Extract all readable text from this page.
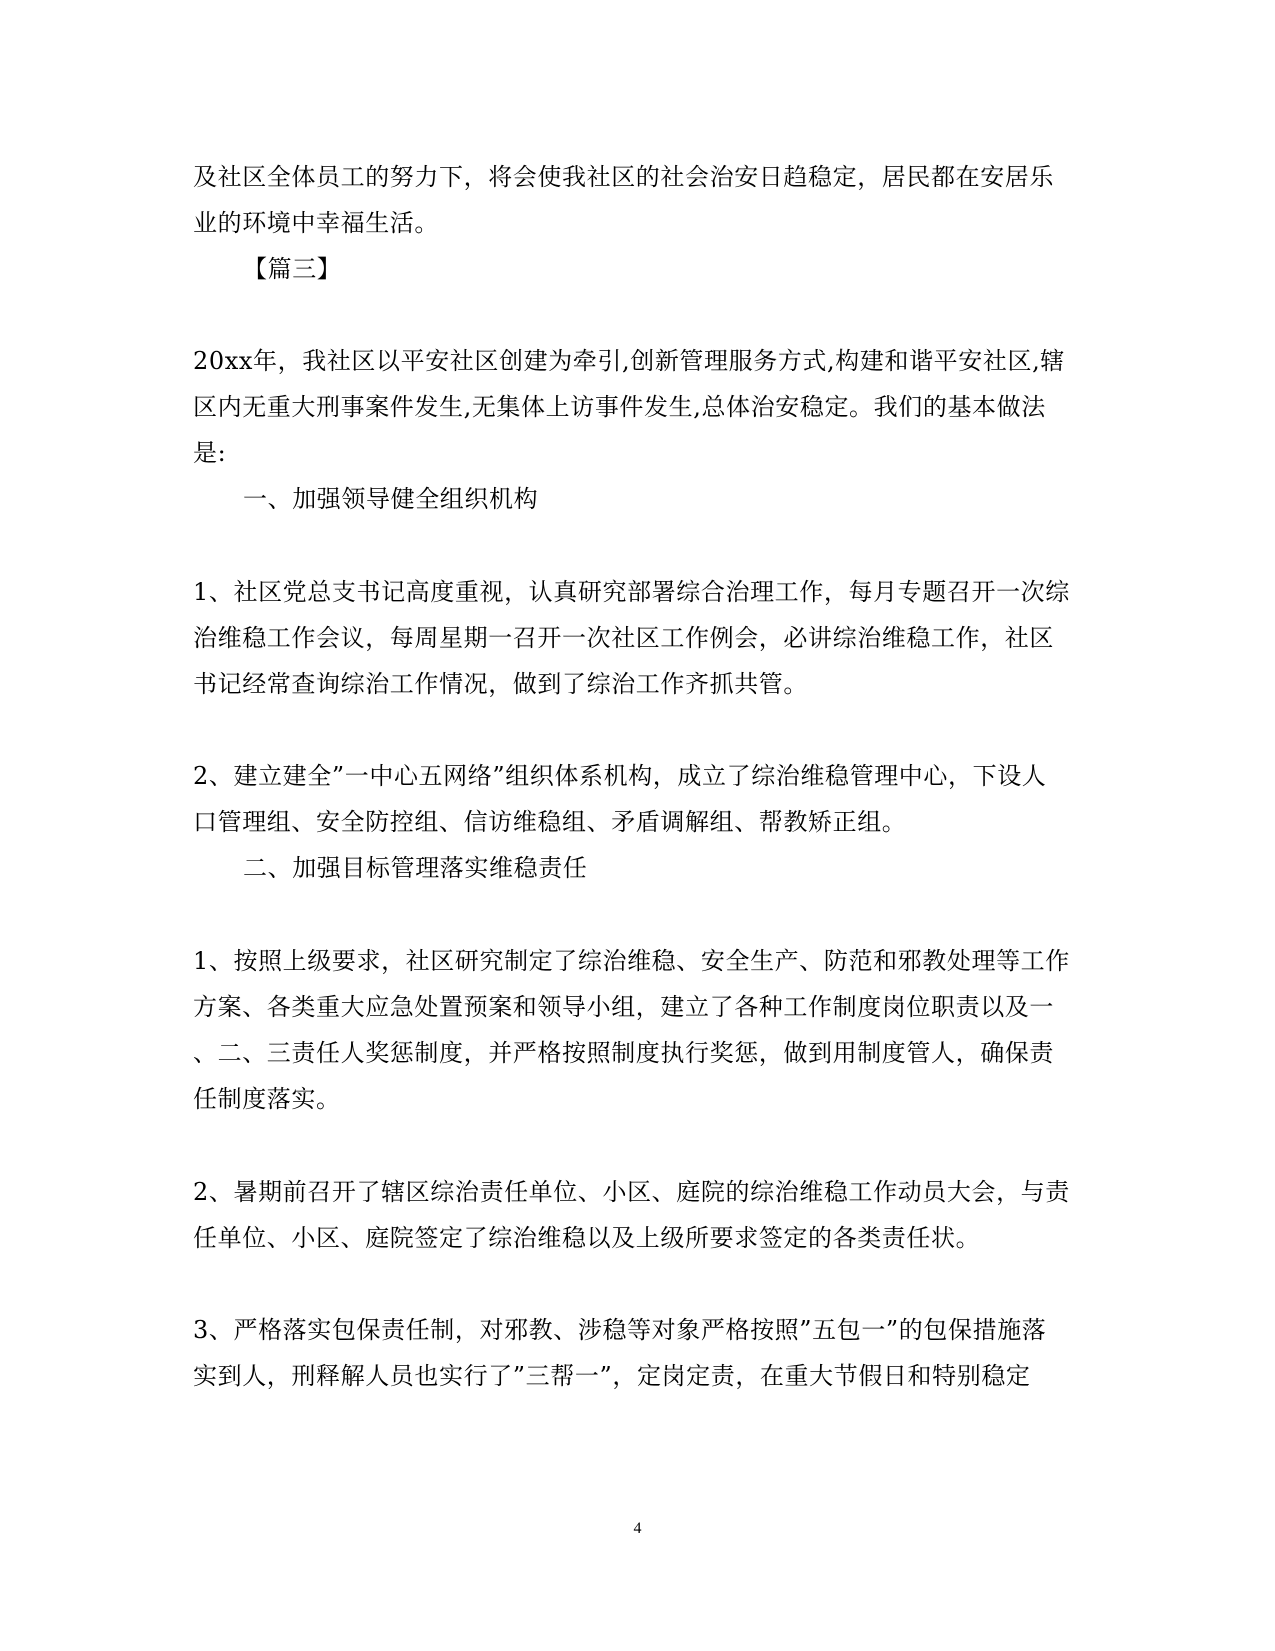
及社区全体员工的努力下，将会使我社区的社会治安日趋稳定，居民都在安居乐
业的环境中幸福生活。
【篇三】
20xx年，我社区以平安社区创建为牵引,创新管理服务方式,构建和谐平安社区,辖
区内无重大刑事案件发生,无集体上访事件发生,总体治安稳定。我们的基本做法
是:
一、加强领导健全组织机构
1、社区党总支书记高度重视，认真研究部署综合治理工作，每月专题召开一次综
治维稳工作会议，每周星期一召开一次社区工作例会，必讲综治维稳工作，社区
书记经常查询综治工作情况，做到了综治工作齐抓共管。
2、建立建全”一中心五网络”组织体系机构，成立了综治维稳管理中心，下设人
口管理组、安全防控组、信访维稳组、矛盾调解组、帮教矫正组。
二、加强目标管理落实维稳责任
1、按照上级要求，社区研究制定了综治维稳、安全生产、防范和邪教处理等工作
方案、各类重大应急处置预案和领导小组，建立了各种工作制度岗位职责以及一
、二、三责任人奖惩制度，并严格按照制度执行奖惩，做到用制度管人，确保责
任制度落实。
2、暑期前召开了辖区综治责任单位、小区、庭院的综治维稳工作动员大会，与责
任单位、小区、庭院签定了综治维稳以及上级所要求签定的各类责任状。
3、严格落实包保责任制，对邪教、涉稳等对象严格按照”五包一”的包保措施落
实到人，刑释解人员也实行了”三帮一”，定岗定责，在重大节假日和特别稳定
4
